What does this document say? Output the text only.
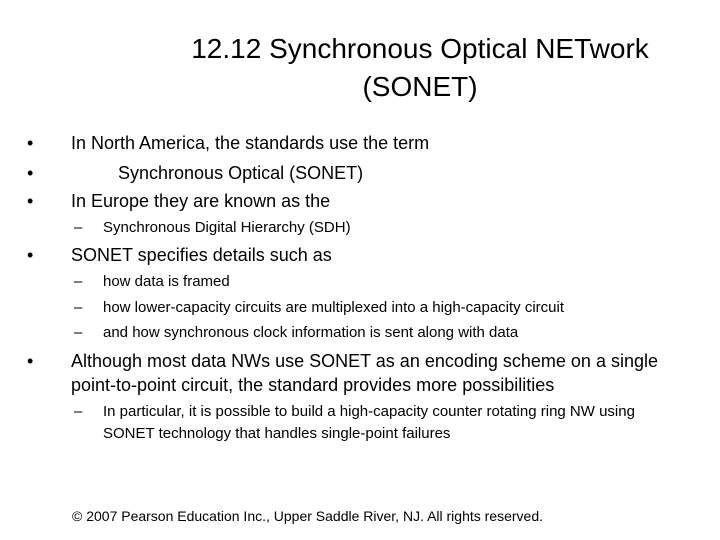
12.12 Synchronous Optical NETwork
(SONET)
• In North America, the standards use the term
•	Synchronous Optical (SONET)
• In Europe they are known as the
– Synchronous Digital Hierarchy (SDH)
• SONET specifies details such as
– how data is framed
– how lower-capacity circuits are multiplexed into a high-capacity circuit
– and how synchronous clock information is sent along with data
• Although most data NWs use SONET as an encoding scheme on a single point-to-point circuit, the standard provides more possibilities
– In particular, it is possible to build a high-capacity counter rotating ring NW using SONET technology that handles single-point failures
© 2007 Pearson Education Inc., Upper Saddle River, NJ. All rights reserved.
